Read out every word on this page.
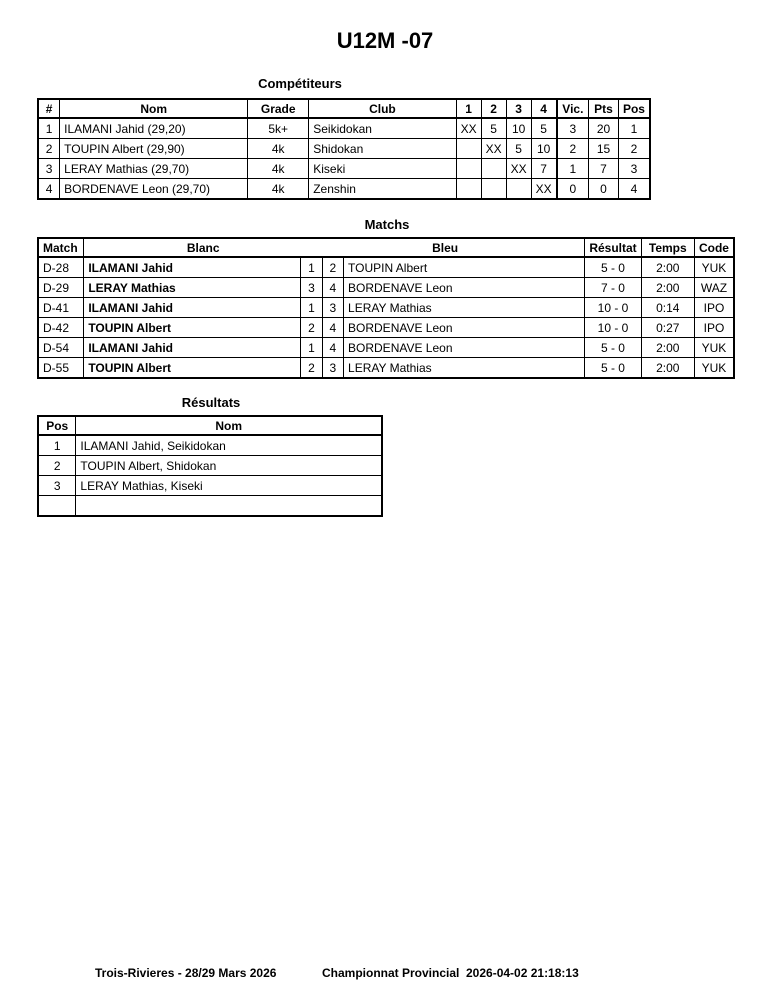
U12M -07
Compétiteurs
#	Nom	Grade	Club	1	2	3	4	Vic.	Pts	Pos
1	ILAMANI Jahid (29,20)	5k+	Seikidokan	XX	5	10	5	3	20	1
2	TOUPIN Albert (29,90)	4k	Shidokan		XX	5	10	2	15	2
3	LERAY Mathias (29,70)	4k	Kiseki			XX	7	1	7	3
4	BORDENAVE Leon (29,70)	4k	Zenshin				XX	0	0	4
Matchs
Match	Blanc		Bleu		Résultat	Temps	Code
D-28	ILAMANI Jahid	1	2	TOUPIN Albert	5 - 0	2:00	YUK
D-29	LERAY Mathias	3	4	BORDENAVE Leon	7 - 0	2:00	WAZ
D-41	ILAMANI Jahid	1	3	LERAY Mathias	10 - 0	0:14	IPO
D-42	TOUPIN Albert	2	4	BORDENAVE Leon	10 - 0	0:27	IPO
D-54	ILAMANI Jahid	1	4	BORDENAVE Leon	5 - 0	2:00	YUK
D-55	TOUPIN Albert	2	3	LERAY Mathias	5 - 0	2:00	YUK
Résultats
Pos	Nom
1	ILAMANI Jahid, Seikidokan
2	TOUPIN Albert, Shidokan
3	LERAY Mathias, Kiseki

Trois-Rivieres - 28/29 Mars 2026	Championnat Provincial 2026-04-02 21:18:13
